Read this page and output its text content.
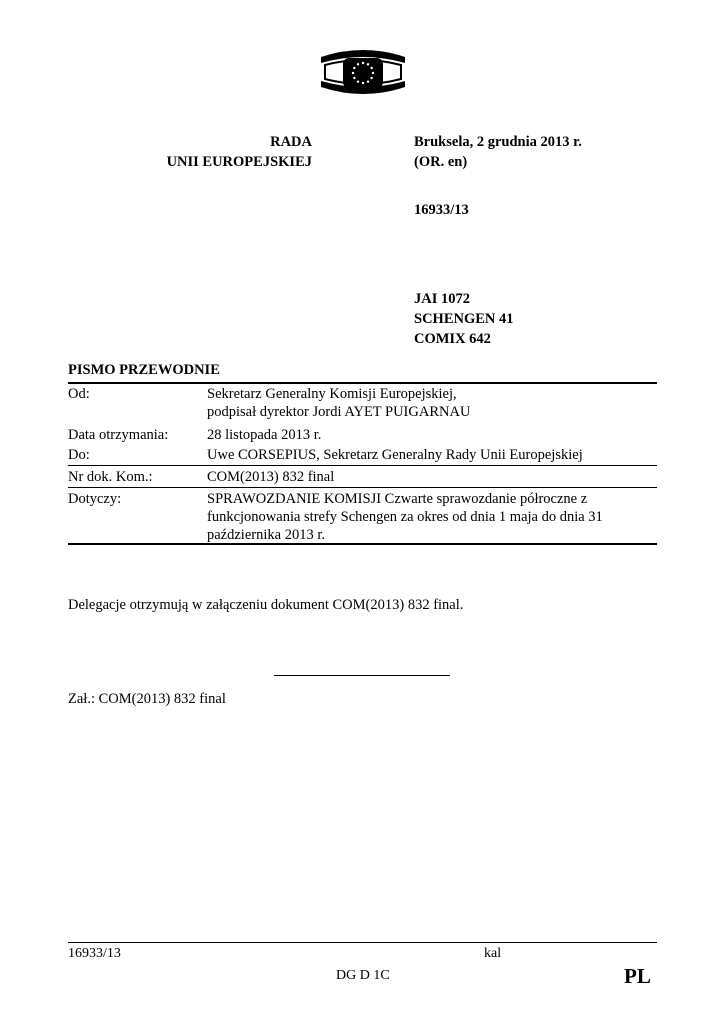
RADA
UNII EUROPEJSKIEJ
Bruksela, 2 grudnia 2013 r.
(OR. en)
16933/13
JAI 1072
SCHENGEN 41
COMIX 642
PISMO PRZEWODNIE
Od:	Sekretarz Generalny Komisji Europejskiej,
podpisał dyrektor Jordi AYET PUIGARNAU
Data otrzymania:	28 listopada 2013 r.
Do:	Uwe CORSEPIUS, Sekretarz Generalny Rady Unii Europejskiej
Nr dok. Kom.:	COM(2013) 832 final
Dotyczy:	SPRAWOZDANIE KOMISJI Czwarte sprawozdanie półroczne z
funkcjonowania strefy Schengen za okres od dnia 1 maja do dnia 31
października 2013 r.
Delegacje otrzymują w załączeniu dokument COM(2013) 832 final.
Zał.: COM(2013) 832 final
16933/13	kal
DG D 1C	PL
